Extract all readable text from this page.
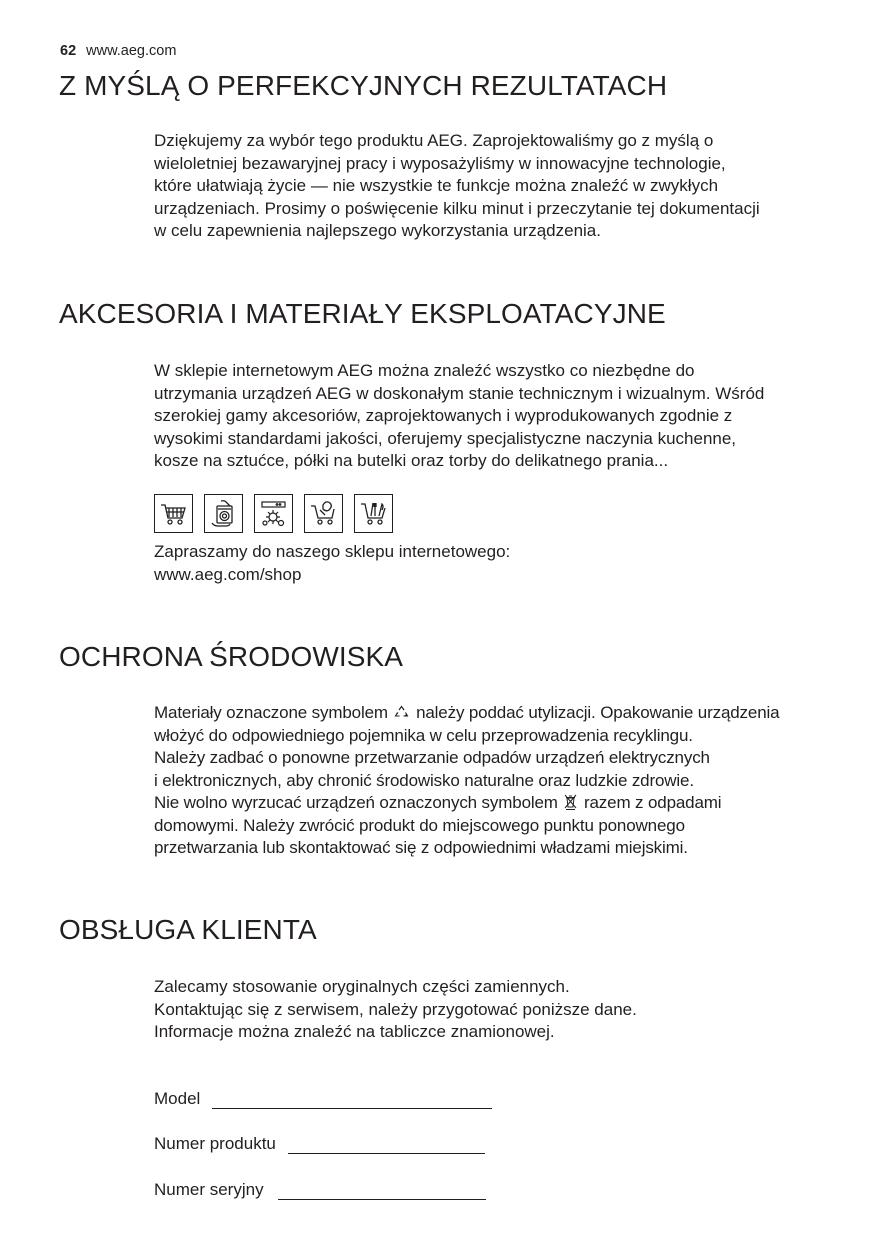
62 www.aeg.com
Z MYŚLĄ O PERFEKCYJNYCH REZULTATACH
Dziękujemy za wybór tego produktu AEG. Zaprojektowaliśmy go z myślą o
wieloletniej bezawaryjnej pracy i wyposażyliśmy w innowacyjne technologie,
które ułatwiają życie — nie wszystkie te funkcje można znaleźć w zwykłych
urządzeniach. Prosimy o poświęcenie kilku minut i przeczytanie tej dokumentacji
w celu zapewnienia najlepszego wykorzystania urządzenia.
AKCESORIA I MATERIAŁY EKSPLOATACYJNE
W sklepie internetowym AEG można znaleźć wszystko co niezbędne do
utrzymania urządzeń AEG w doskonałym stanie technicznym i wizualnym. Wśród
szerokiej gamy akcesoriów, zaprojektowanych i wyprodukowanych zgodnie z
wysokimi standardami jakości, oferujemy specjalistyczne naczynia kuchenne,
kosze na sztućce, półki na butelki oraz torby do delikatnego prania...
Zapraszamy do naszego sklepu internetowego:
www.aeg.com/shop
OCHRONA ŚRODOWISKA
Materiały oznaczone symbolem należy poddać utylizacji. Opakowanie urządzenia
włożyć do odpowiedniego pojemnika w celu przeprowadzenia recyklingu.
Należy zadbać o ponowne przetwarzanie odpadów urządzeń elektrycznych
i elektronicznych, aby chronić środowisko naturalne oraz ludzkie zdrowie.
Nie wolno wyrzucać urządzeń oznaczonych symbolem razem z odpadami
domowymi. Należy zwrócić produkt do miejscowego punktu ponownego
przetwarzania lub skontaktować się z odpowiednimi władzami miejskimi.
OBSŁUGA KLIENTA
Zalecamy stosowanie oryginalnych części zamiennych.
Kontaktując się z serwisem, należy przygotować poniższe dane.
Informacje można znaleźć na tabliczce znamionowej.
Model
Numer produktu
Numer seryjny
